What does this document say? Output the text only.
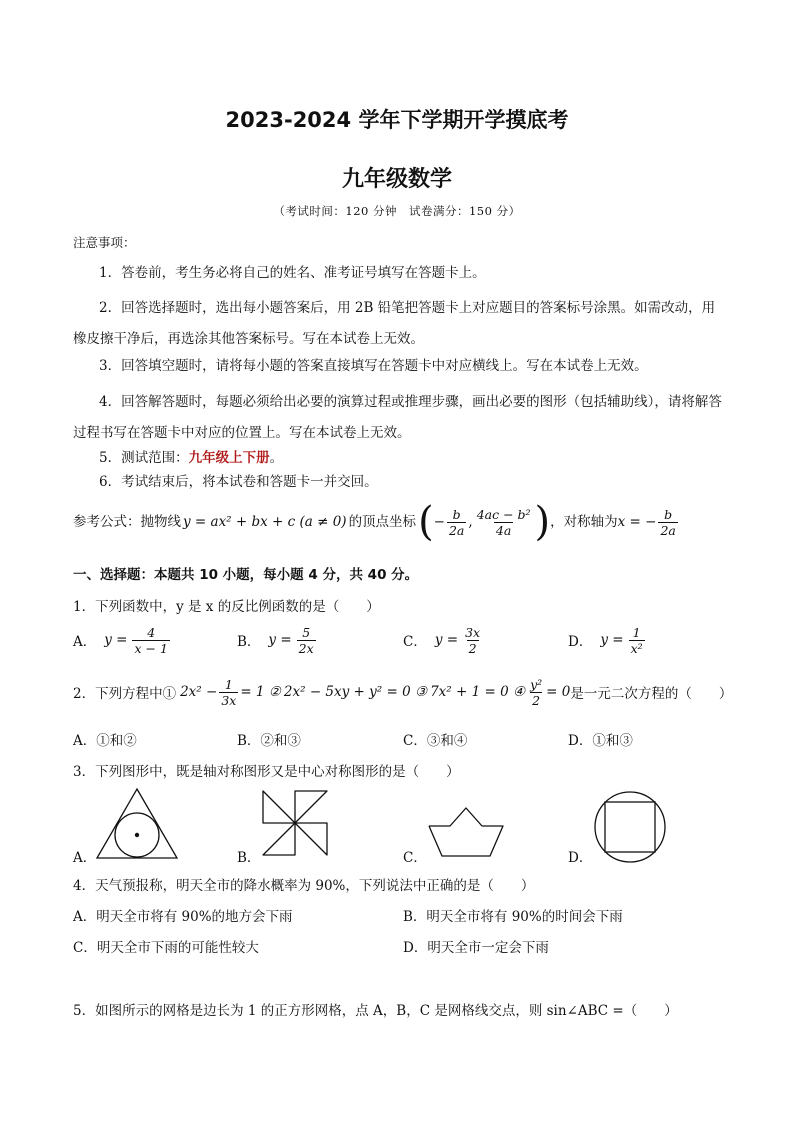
2023-2024 学年下学期开学摸底考
九年级数学
（考试时间：120 分钟　试卷满分：150 分）
注意事项：
1．答卷前，考生务必将自己的姓名、准考证号填写在答题卡上。
2．回答选择题时，选出每小题答案后，用 2B 铅笔把答题卡上对应题目的答案标号涂黑。如需改动，用橡皮擦干净后，再选涂其他答案标号。写在本试卷上无效。
3．回答填空题时，请将每小题的答案直接填写在答题卡中对应横线上。写在本试卷上无效。
4．回答解答题时，每题必须给出必要的演算过程或推理步骤，画出必要的图形（包括辅助线），请将解答过程书写在答题卡中对应的位置上。写在本试卷上无效。
5．测试范围：九年级上下册。
6．考试结束后，将本试卷和答题卡一并交回。
参考公式：抛物线 y = ax² + bx + c (a ≠ 0) 的顶点坐标 ( − $\frac{b}{2a}$ , $\frac{\text{4ac − b²}}{4a}$ ) ，对称轴为 x = − $\frac{b}{2a}$
一、选择题：本题共 10 小题，每小题 4 分，共 40 分。
1．下列函数中，y 是 x 的反比例函数的是（　　）
A． $y = \frac{4}{x - 1}$	B． $y = \frac{5}{2x}$	C． $y = \frac{3x}{2}$	D． $y = \frac{1}{\text{x²}}$
2．下列方程中① $2x^2 - \frac{1}{3x} = 1$ ② 2x² − 5xy + y² = 0 ③ 7x² + 1 = 0 ④ $\frac{\text{y²}}{2} = 0$ 是一元二次方程的（　　）
A．①和②	B．②和③	C．③和④	D．①和③
3．下列图形中，既是轴对称图形又是中心对称图形的是（　　）
A．	B．	C．	D．
4．天气预报称，明天全市的降水概率为 90%，下列说法中正确的是（　　）
A．明天全市将有 90%的地方会下雨	B．明天全市将有 90%的时间会下雨
C．明天全市下雨的可能性较大	D．明天全市一定会下雨
5．如图所示的网格是边长为 1 的正方形网格，点 A，B，C 是网格线交点，则 sin∠ABC =（　　）
